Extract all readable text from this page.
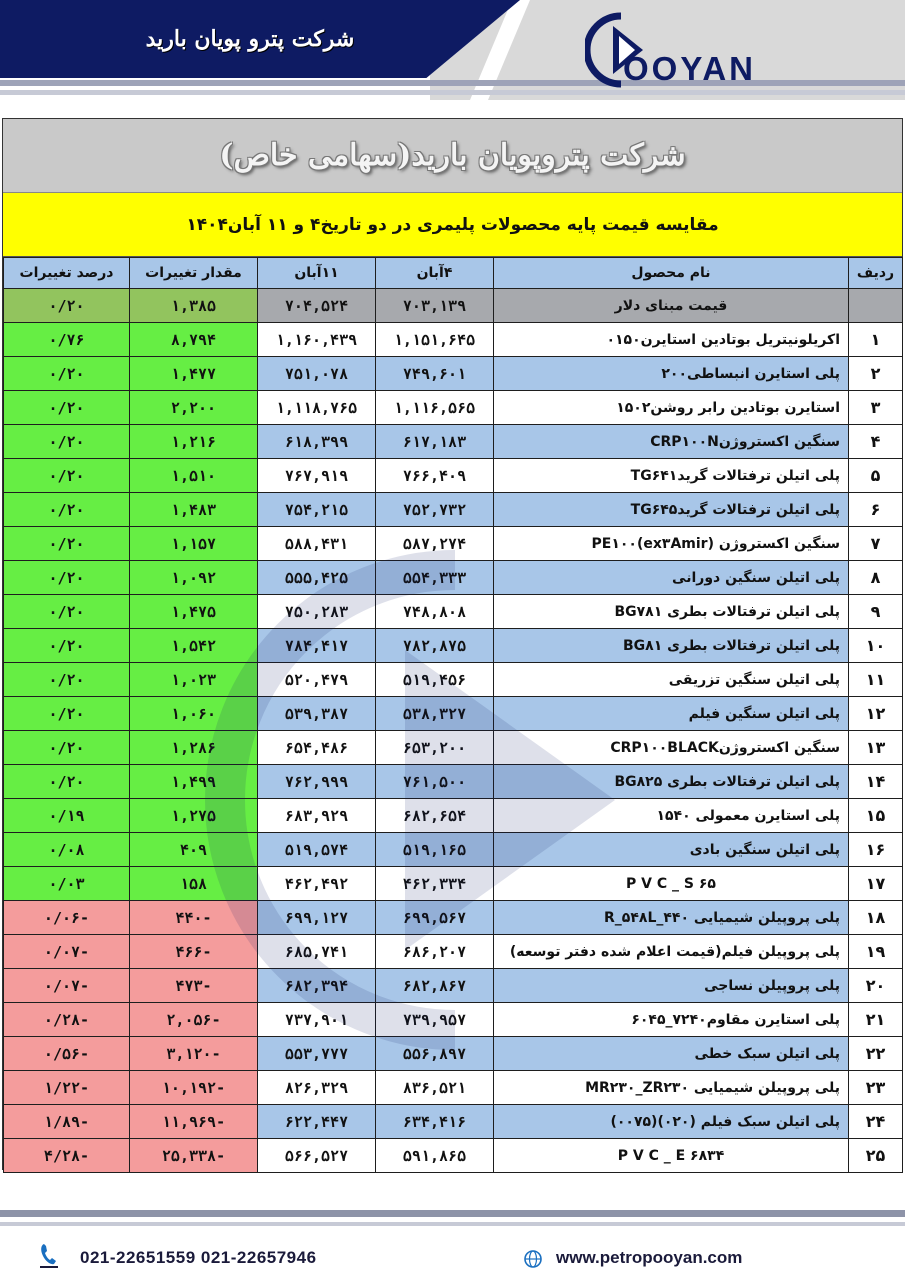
شرکت پترو پویان بارید
OOYAN
شرکت پتروپویان بارید(سهامی خاص)
مقایسه قیمت پایه محصولات پلیمری در دو تاریخ۴ و ۱۱ آبان۱۴۰۴
ردیف	نام محصول	۴آبان	۱۱آبان	مقدار تغییرات	درصد تغییرات
	قیمت مبنای دلار	۷۰۳,۱۳۹	۷۰۴,۵۲۴	۱,۳۸۵	۰/۲۰
۱	اکریلونیتریل بوتادین استایرن۰۱۵۰	۱,۱۵۱,۶۴۵	۱,۱۶۰,۴۳۹	۸,۷۹۴	۰/۷۶
۲	پلی استایرن انبساطی۲۰۰	۷۴۹,۶۰۱	۷۵۱,۰۷۸	۱,۴۷۷	۰/۲۰
۳	استایرن بوتادین رابر روشن۱۵۰۲	۱,۱۱۶,۵۶۵	۱,۱۱۸,۷۶۵	۲,۲۰۰	۰/۲۰
۴	سنگین اکستروژنCRP۱۰۰N	۶۱۷,۱۸۳	۶۱۸,۳۹۹	۱,۲۱۶	۰/۲۰
۵	پلی اتیلن ترفتالات گریدTG۶۴۱	۷۶۶,۴۰۹	۷۶۷,۹۱۹	۱,۵۱۰	۰/۲۰
۶	پلی اتیلن ترفتالات گریدTG۶۴۵	۷۵۲,۷۳۲	۷۵۴,۲۱۵	۱,۴۸۳	۰/۲۰
۷	سنگین اکستروژن (ex۳Amir)PE۱۰۰	۵۸۷,۲۷۴	۵۸۸,۴۳۱	۱,۱۵۷	۰/۲۰
۸	پلی اتیلن سنگین دورانی	۵۵۴,۳۳۳	۵۵۵,۴۲۵	۱,۰۹۲	۰/۲۰
۹	پلی اتیلن ترفتالات بطری BG۷۸۱	۷۴۸,۸۰۸	۷۵۰,۲۸۳	۱,۴۷۵	۰/۲۰
۱۰	پلی اتیلن ترفتالات بطری BG۸۱	۷۸۲,۸۷۵	۷۸۴,۴۱۷	۱,۵۴۲	۰/۲۰
۱۱	پلی اتیلن سنگین تزریقی	۵۱۹,۴۵۶	۵۲۰,۴۷۹	۱,۰۲۳	۰/۲۰
۱۲	پلی اتیلن سنگین فیلم	۵۳۸,۳۲۷	۵۳۹,۳۸۷	۱,۰۶۰	۰/۲۰
۱۳	سنگین اکستروژنCRP۱۰۰BLACK	۶۵۳,۲۰۰	۶۵۴,۴۸۶	۱,۲۸۶	۰/۲۰
۱۴	پلی اتیلن ترفتالات بطری BG۸۲۵	۷۶۱,۵۰۰	۷۶۲,۹۹۹	۱,۴۹۹	۰/۲۰
۱۵	پلی استایرن معمولی ۱۵۴۰	۶۸۲,۶۵۴	۶۸۳,۹۲۹	۱,۲۷۵	۰/۱۹
۱۶	پلی اتیلن سنگین بادی	۵۱۹,۱۶۵	۵۱۹,۵۷۴	۴۰۹	۰/۰۸
۱۷	P V C _ S ۶۵	۴۶۲,۳۳۴	۴۶۲,۴۹۲	۱۵۸	۰/۰۳
۱۸	پلی پروپیلن شیمیایی R_۵۴۸L_۴۴۰	۶۹۹,۵۶۷	۶۹۹,۱۲۷	-۴۴۰	-۰/۰۶
۱۹	پلی پروپیلن فیلم(قیمت اعلام شده دفتر توسعه)	۶۸۶,۲۰۷	۶۸۵,۷۴۱	-۴۶۶	-۰/۰۷
۲۰	پلی پروپیلن نساجی	۶۸۲,۸۶۷	۶۸۲,۳۹۴	-۴۷۳	-۰/۰۷
۲۱	پلی استایرن مقاوم۷۲۴۰_۶۰۴۵	۷۳۹,۹۵۷	۷۳۷,۹۰۱	-۲,۰۵۶	-۰/۲۸
۲۲	پلی اتیلن سبک خطی	۵۵۶,۸۹۷	۵۵۳,۷۷۷	-۳,۱۲۰	-۰/۵۶
۲۳	پلی پروپیلن شیمیایی MR۲۳۰_ZR۲۳۰	۸۳۶,۵۲۱	۸۲۶,۳۲۹	-۱۰,۱۹۲	-۱/۲۲
۲۴	پلی اتیلن سبک فیلم (۰۲۰)(۰۰۷۵)	۶۳۴,۴۱۶	۶۲۲,۴۴۷	-۱۱,۹۶۹	-۱/۸۹
۲۵	P V C _ E ۶۸۳۴	۵۹۱,۸۶۵	۵۶۶,۵۲۷	-۲۵,۳۳۸	-۴/۲۸
021-22651559 021-22657946	www.petropooyan.com
